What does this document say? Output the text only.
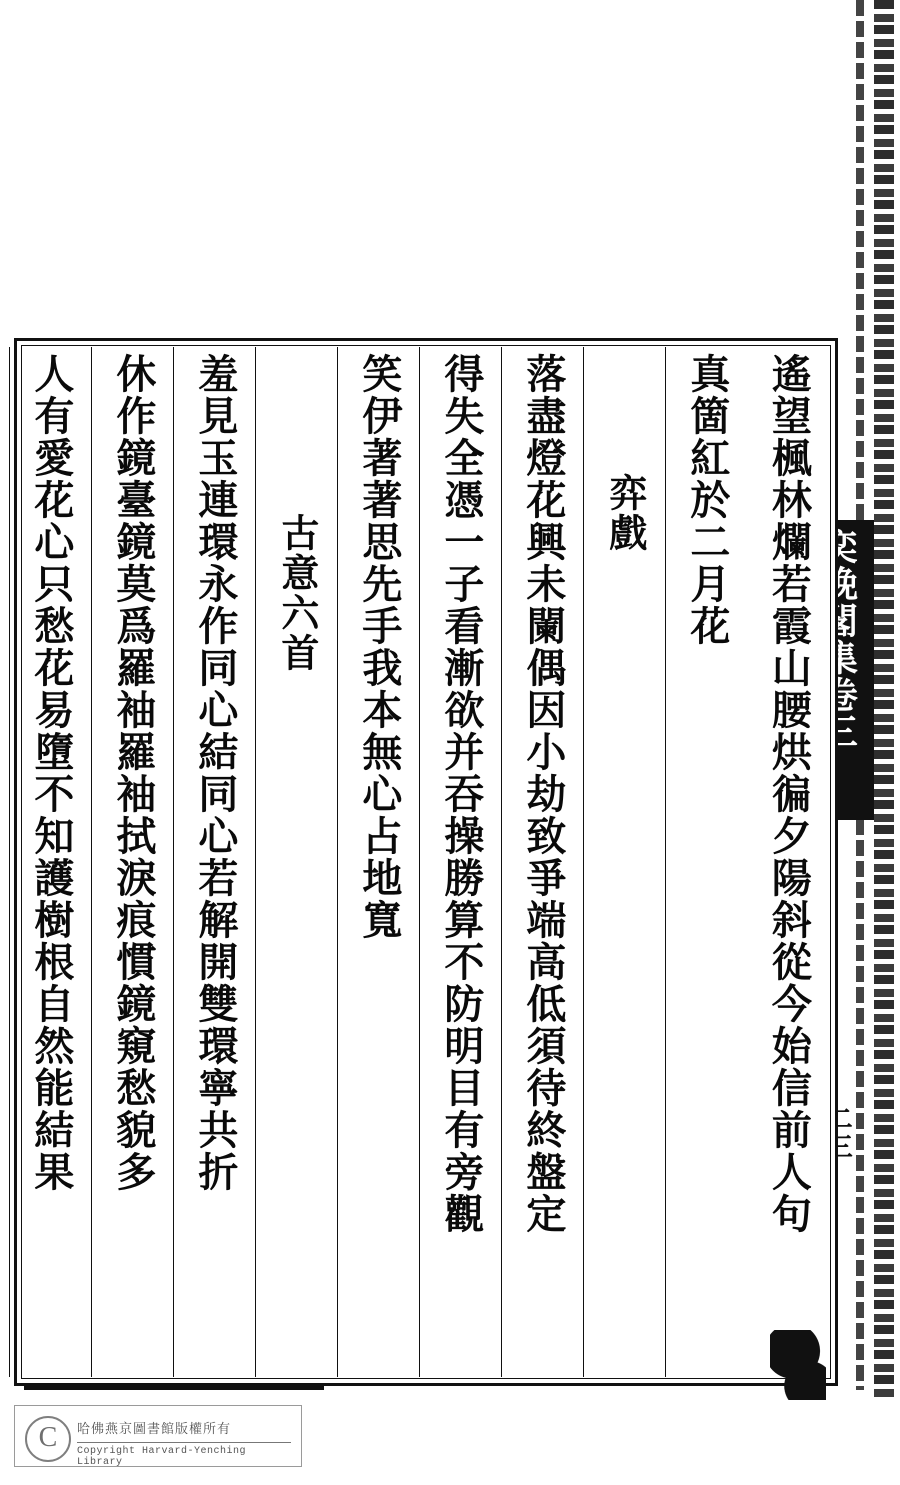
遙望楓林爛若霞山腰烘徧夕陽斜從今始信前人句
真箇紅於二月花
弈戲
落盡燈花興未闌偶因小劫致爭端高低須待終盤定
得失全憑一子看漸欲并吞操勝算不防明目有旁觀
笑伊著著思先手我本無心占地寬
古意六首
羞見玉連環永作同心結同心若解開雙環寧共折
休作鏡臺鏡莫爲羅袖羅袖拭淚痕慣鏡窺愁貌多
人有愛花心只愁花易墮不知護樹根自然能結果
C	哈佛燕京圖書館版權所有
Copyright Harvard-Yenching Library
